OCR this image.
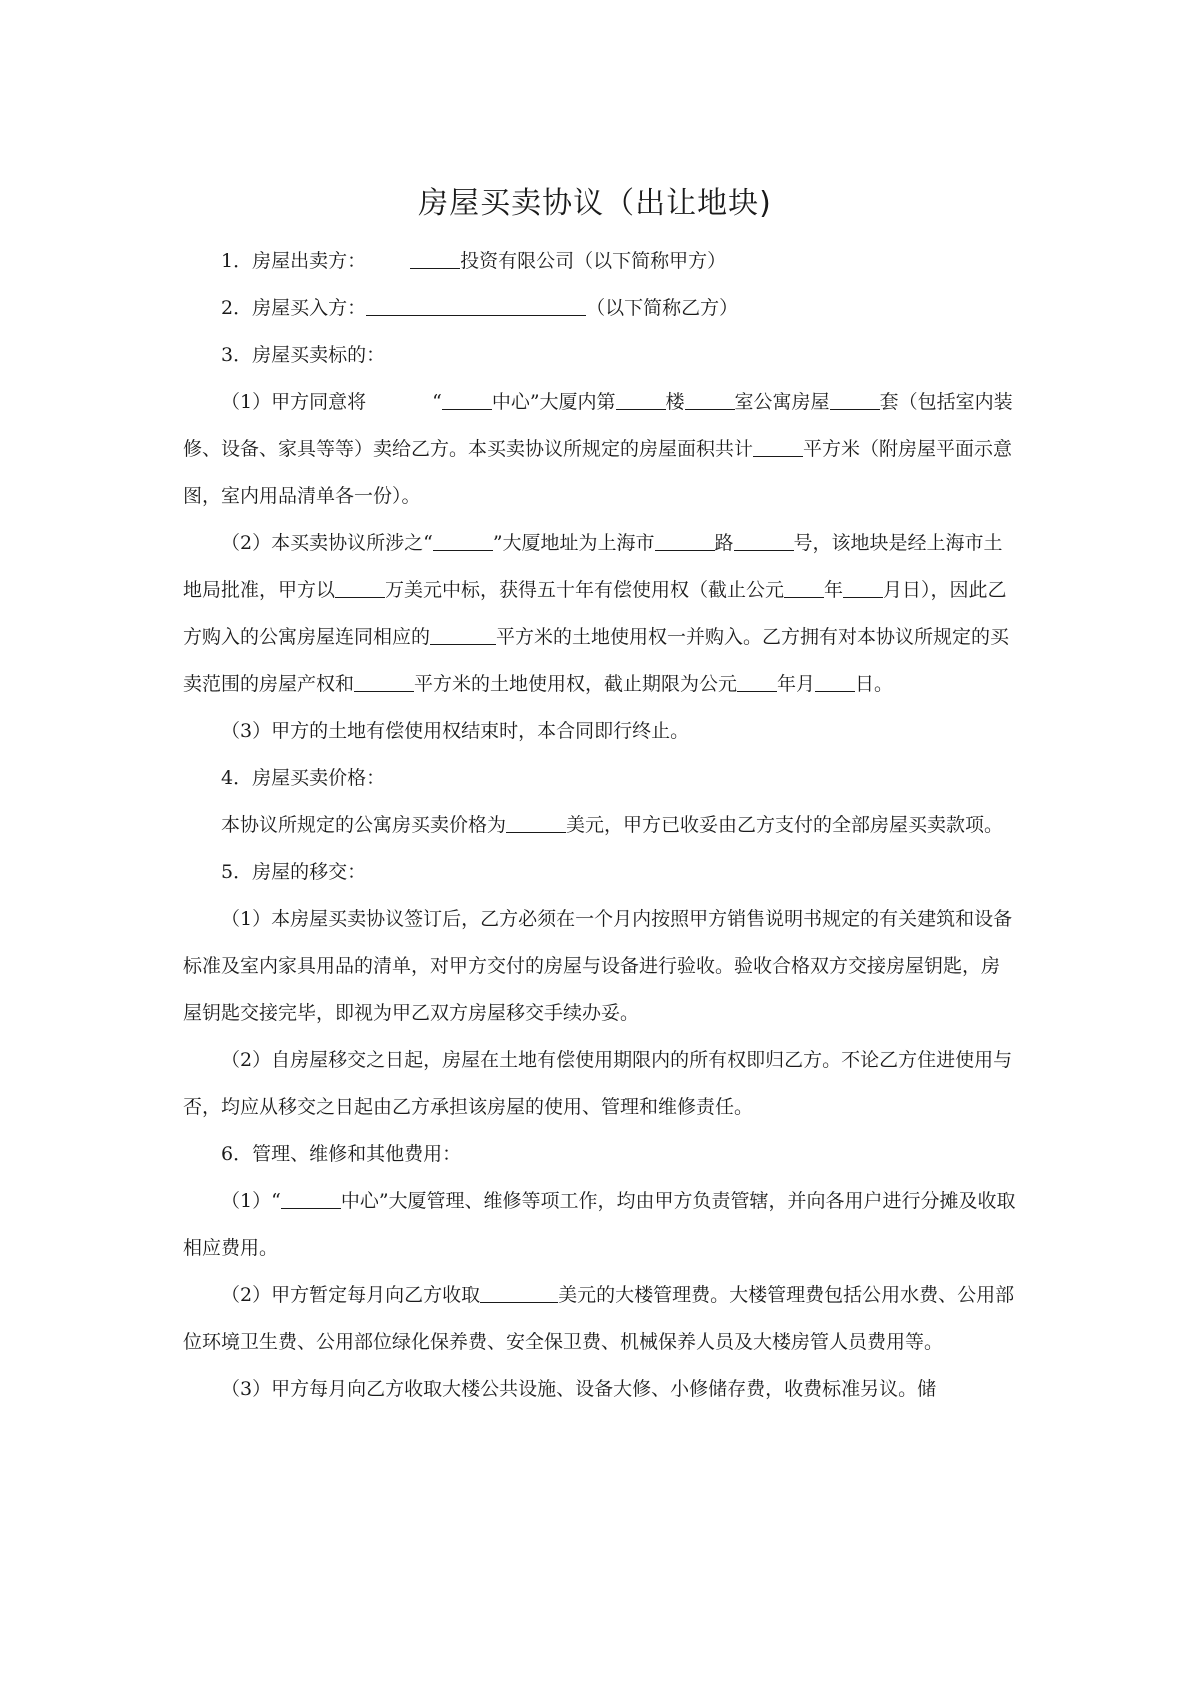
房屋买卖协议（出让地块)

1．房屋出卖方：	投资有限公司（以下简称甲方）

2．房屋买入方：	（以下简称乙方）

3．房屋买卖标的：

（1）甲方同意将	“	中心”大厦内第	楼	室公寓房屋	套（包括室内装修、设备、家具等等）卖给乙方。本买卖协议所规定的房屋面积共计	平方米（附房屋平面示意图，室内用品清单各一份）。

（2）本买卖协议所涉之“	”大厦地址为上海市	路	号，该地块是经上海市土地局批准，甲方以	万美元中标，获得五十年有偿使用权（截止公元 年 月日），因此乙方购入的公寓房屋连同相应的	平方米的土地使用权一并购入。乙方拥有对本协议所规定的买卖范围的房屋产权和	平方米的土地使用权，截止期限为公元 年月 日。

（3）甲方的土地有偿使用权结束时，本合同即行终止。

4．房屋买卖价格：

本协议所规定的公寓房买卖价格为	美元，甲方已收妥由乙方支付的全部房屋买卖款项。

5．房屋的移交：

（1）本房屋买卖协议签订后，乙方必须在一个月内按照甲方销售说明书规定的有关建筑和设备标准及室内家具用品的清单，对甲方交付的房屋与设备进行验收。验收合格双方交接房屋钥匙，房屋钥匙交接完毕，即视为甲乙双方房屋移交手续办妥。

（2）自房屋移交之日起，房屋在土地有偿使用期限内的所有权即归乙方。不论乙方住进使用与否，均应从移交之日起由乙方承担该房屋的使用、管理和维修责任。

6．管理、维修和其他费用：

（1）“	中心”大厦管理、维修等项工作，均由甲方负责管辖，并向各用户进行分摊及收取相应费用。

（2）甲方暂定每月向乙方收取	美元的大楼管理费。大楼管理费包括公用水费、公用部位环境卫生费、公用部位绿化保养费、安全保卫费、机械保养人员及大楼房管人员费用等。

（3）甲方每月向乙方收取大楼公共设施、设备大修、小修储存费，收费标准另议。储
